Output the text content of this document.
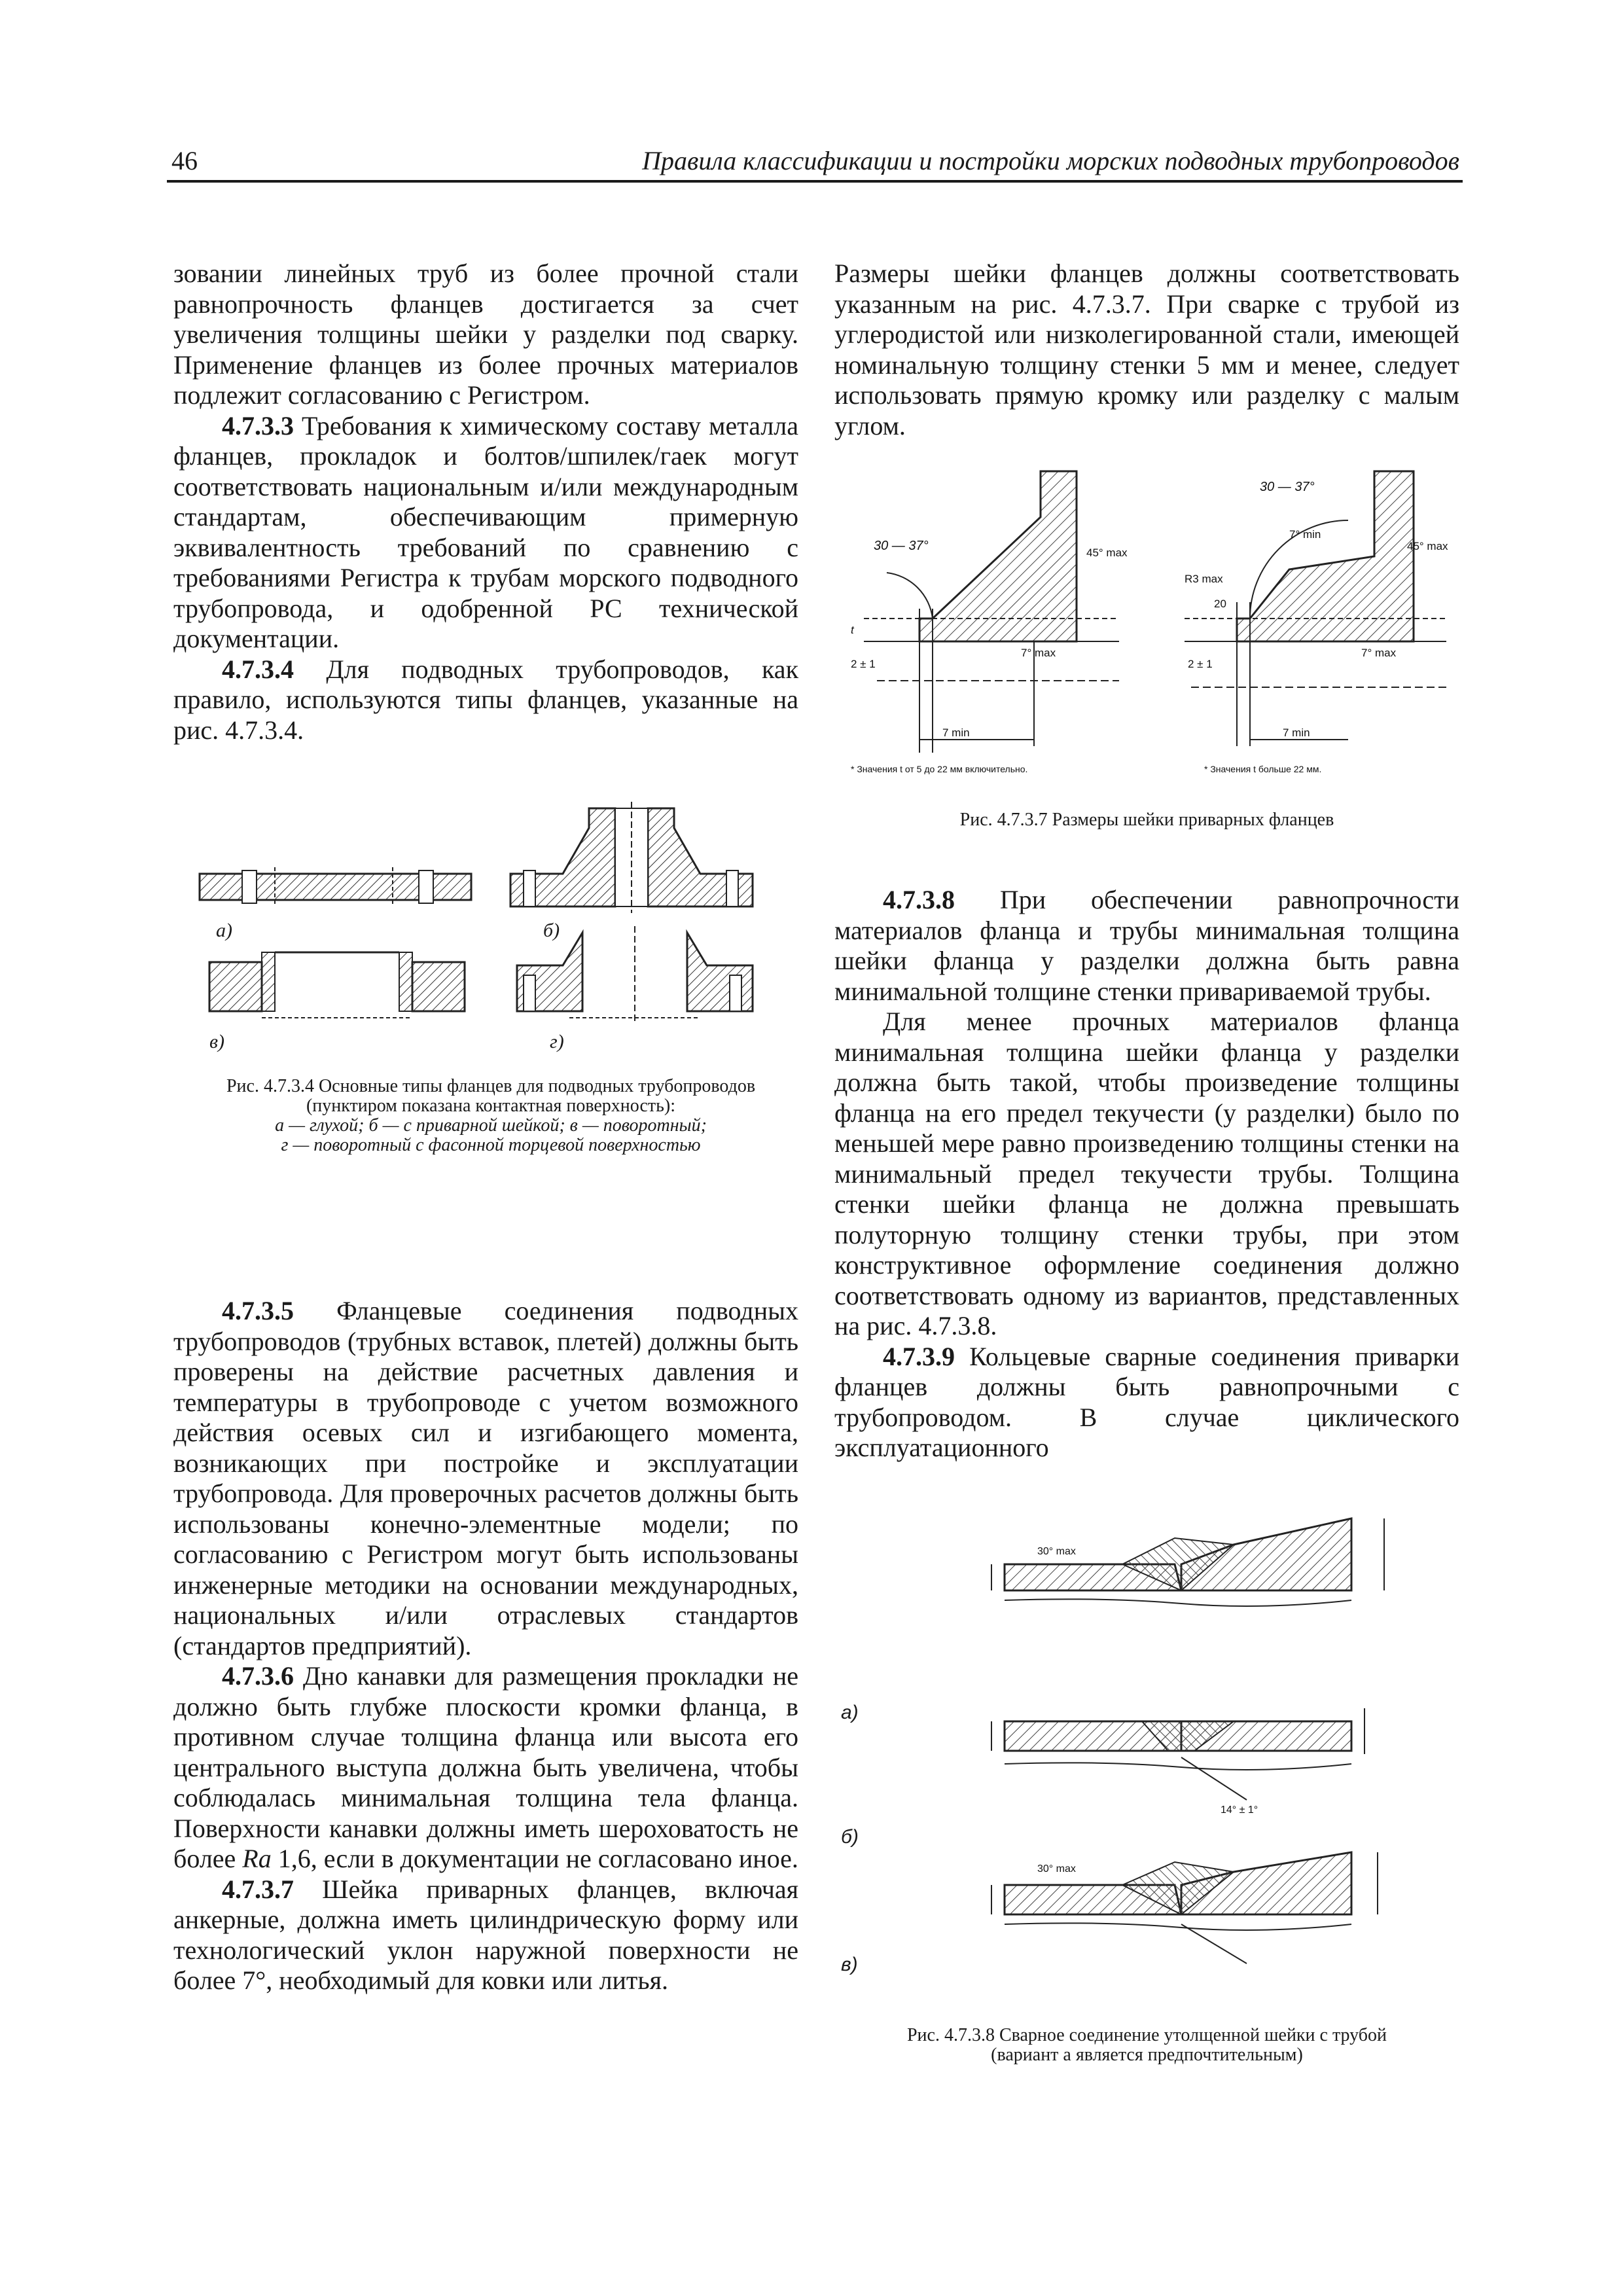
46	Правила классификации и постройки морских подводных трубопроводов

зовании линейных труб из более прочной стали равнопрочность фланцев достигается за счет увеличения толщины шейки у разделки под сварку. Применение фланцев из более прочных материалов подлежит согласованию с Регистром.

4.7.3.3 Требования к химическому составу металла фланцев, прокладок и болтов/шпилек/гаек могут соответствовать национальным и/или международным стандартам, обеспечивающим примерную эквивалентность требований по сравнению с требованиями Регистра к трубам морского подводного трубопровода, и одобренной РС технической документации.

4.7.3.4 Для подводных трубопроводов, как правило, используются типы фланцев, указанные на рис. 4.7.3.4.

а)	б)
в)	г)

Рис. 4.7.3.4 Основные типы фланцев для подводных трубопроводов

(пунктиром показана контактная поверхность):

а — глухой; б — с приварной шейкой; в — поворотный;

г — поворотный с фасонной торцевой поверхностью

4.7.3.5 Фланцевые соединения подводных трубопроводов (трубных вставок, плетей) должны быть проверены на действие расчетных давления и температуры в трубопроводе с учетом возможного действия осевых сил и изгибающего момента, возникающих при постройке и эксплуатации трубопровода. Для проверочных расчетов должны быть использованы конечно-элементные модели; по согласованию с Регистром могут быть использованы инженерные методики на основании международных, национальных и/или отраслевых стандартов (стандартов предприятий).

4.7.3.6 Дно канавки для размещения прокладки не должно быть глубже плоскости кромки фланца, в противном случае толщина фланца или высота его центрального выступа должна быть увеличена, чтобы соблюдалась минимальная толщина тела фланца. Поверхности канавки должны иметь шероховатость не более Ra 1,6, если в документации не согласовано иное.

4.7.3.7 Шейка приварных фланцев, включая анкерные, должна иметь цилиндрическую форму или технологический уклон наружной поверхности не более 7°, необходимый для ковки или литья.

Размеры шейки фланцев должны соответствовать указанным на рис. 4.7.3.7. При сварке с трубой из углеродистой или низколегированной стали, имеющей номинальную толщину стенки 5 мм и менее, следует использовать прямую кромку или разделку с малым углом.

30 — 37°
30 — 37°
45° max
45° max
7° min
7° max	7° max
R3 max
t
7 min	7 min
2 ± 1	2 ± 1
20
* Значения t от 5 до 22 мм включительно.	* Значения t больше 22 мм.

Рис. 4.7.3.7 Размеры шейки приварных фланцев

4.7.3.8 При обеспечении равнопрочности материалов фланца и трубы минимальная толщина шейки фланца у разделки должна быть равна минимальной толщине стенки привариваемой трубы.

Для менее прочных материалов фланца минимальная толщина шейки фланца у разделки должна быть такой, чтобы произведение толщины фланца на его предел текучести (у разделки) было по меньшей мере равно произведению толщины стенки на минимальный предел текучести трубы. Толщина стенки шейки фланца не должна превышать полуторную толщину стенки трубы, при этом конструктивное оформление соединения должно соответствовать одному из вариантов, представленных на рис. 4.7.3.8.

4.7.3.9 Кольцевые сварные соединения приварки фланцев должны быть равнопрочными с трубопроводом. В случае циклического эксплуатационного

30° max
30° max
14° ± 1°
а)
б)
в)

Рис. 4.7.3.8 Сварное соединение утолщенной шейки с трубой

(вариант а является предпочтительным)
